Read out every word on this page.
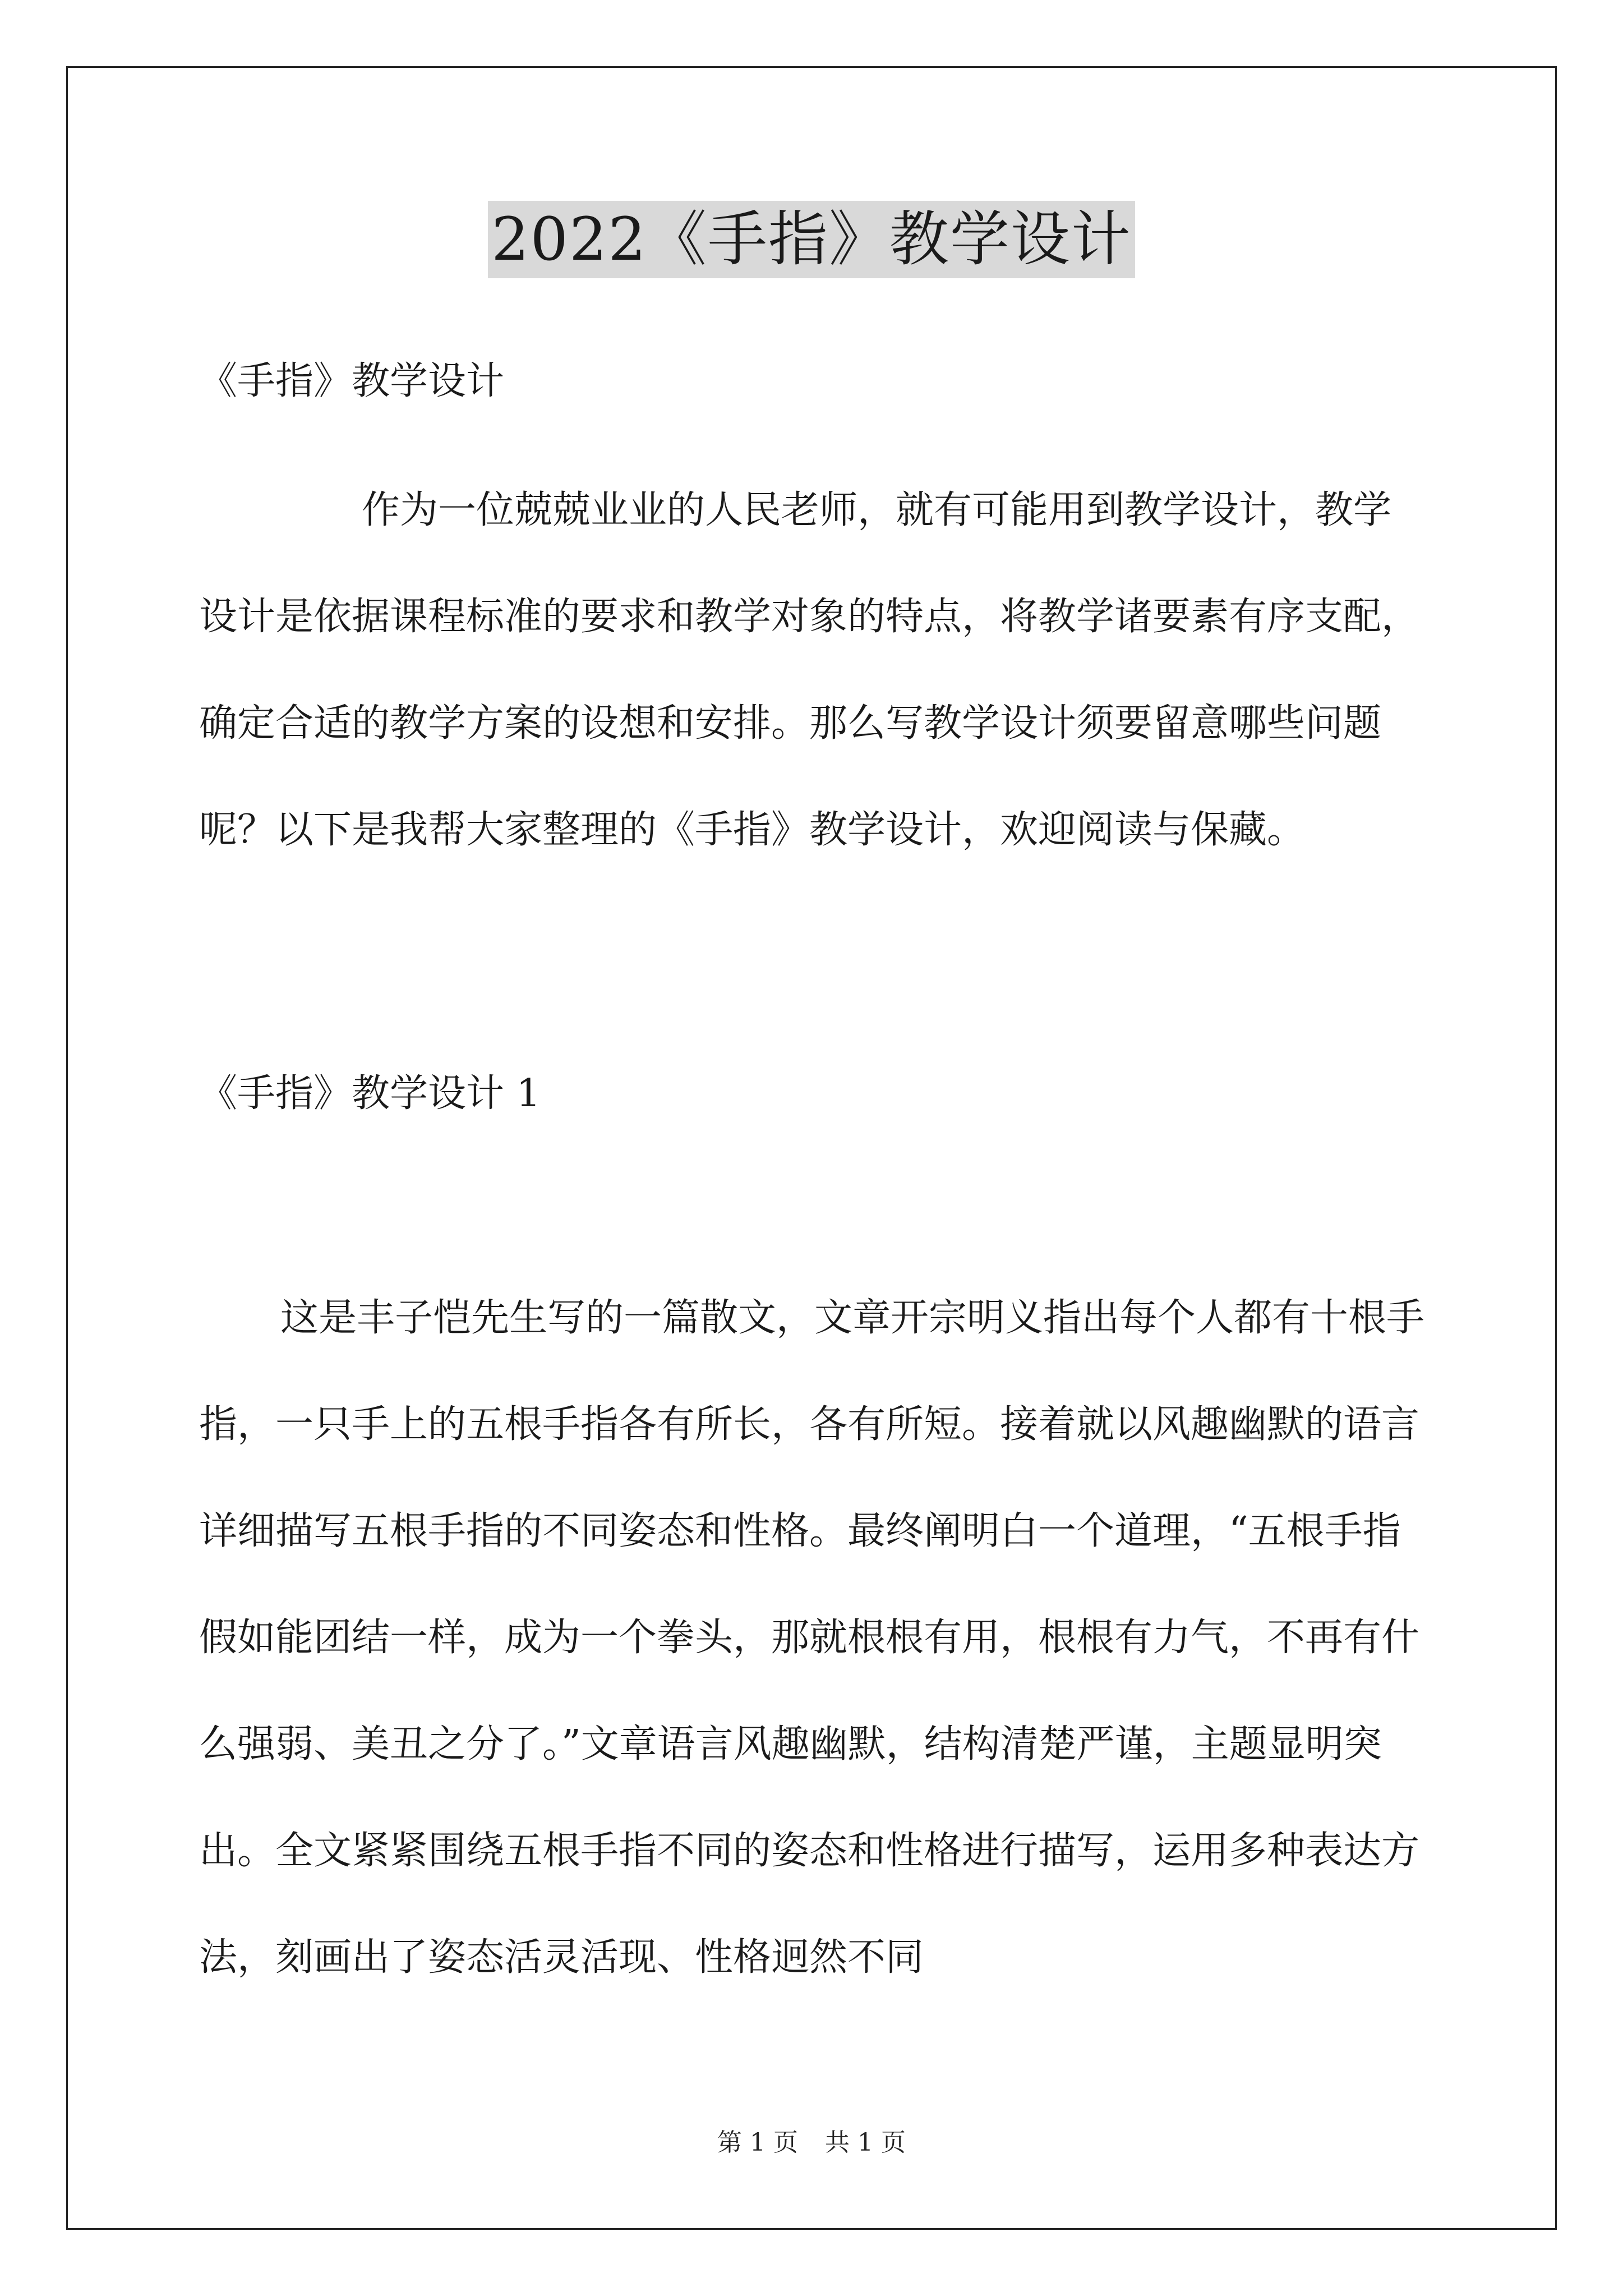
2022《手指》教学设计

《手指》教学设计

作为一位兢兢业业的人民老师，就有可能用到教学设计，教学设计是依据课程标准的要求和教学对象的特点，将教学诸要素有序支配，确定合适的教学方案的设想和安排。那么写教学设计须要留意哪些问题呢？以下是我帮大家整理的《手指》教学设计，欢迎阅读与保藏。

《手指》教学设计 1

这是丰子恺先生写的一篇散文，文章开宗明义指出每个人都有十根手指，一只手上的五根手指各有所长，各有所短。接着就以风趣幽默的语言详细描写五根手指的不同姿态和性格。最终阐明白一个道理，“五根手指假如能团结一样，成为一个拳头，那就根根有用，根根有力气，不再有什么强弱、美丑之分了。”文章语言风趣幽默，结构清楚严谨，主题显明突出。全文紧紧围绕五根手指不同的姿态和性格进行描写，运用多种表达方法，刻画出了姿态活灵活现、性格迥然不同

第 1 页 共 1 页
